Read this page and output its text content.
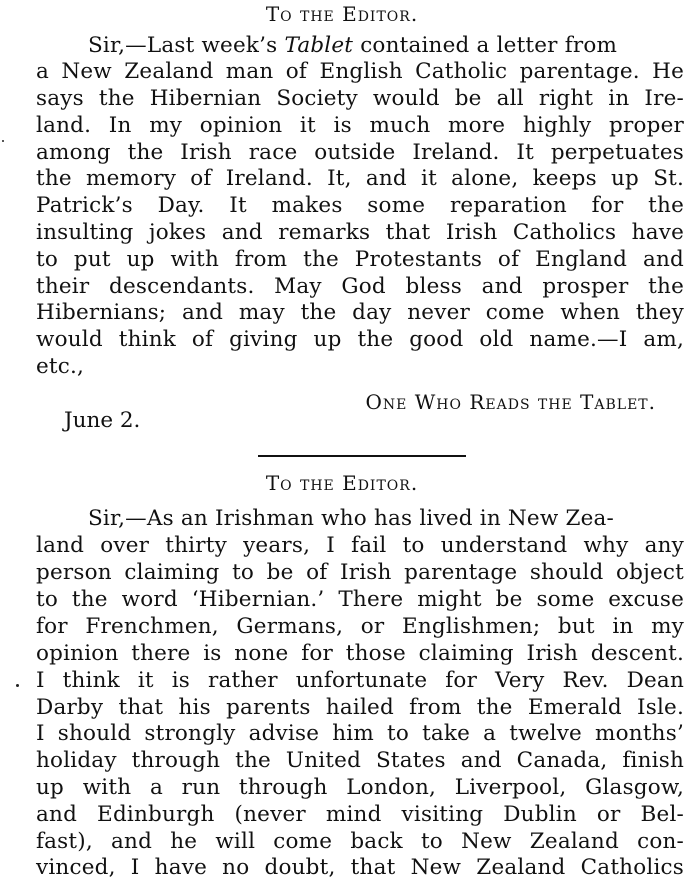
To the Editor.
Sir,—Last week’s Tablet contained a letter from
a New Zealand man of English Catholic parentage. He
says the Hibernian Society would be all right in Ire-
land. In my opinion it is much more highly proper
among the Irish race outside Ireland. It perpetuates
the memory of Ireland. It, and it alone, keeps up St.
Patrick’s Day. It makes some reparation for the
insulting jokes and remarks that Irish Catholics have
to put up with from the Protestants of England and
their descendants. May God bless and prosper the
Hibernians; and may the day never come when they
would think of giving up the good old name.—I am,
etc.,
One Who Reads the Tablet.
June 2.
To the Editor.
Sir,—As an Irishman who has lived in New Zea-
land over thirty years, I fail to understand why any
person claiming to be of Irish parentage should object
to the word ‘Hibernian.’ There might be some excuse
for Frenchmen, Germans, or Englishmen; but in my
opinion there is none for those claiming Irish descent.
I think it is rather unfortunate for Very Rev. Dean
Darby that his parents hailed from the Emerald Isle.
I should strongly advise him to take a twelve months’
holiday through the United States and Canada, finish
up with a run through London, Liverpool, Glasgow,
and Edinburgh (never mind visiting Dublin or Bel-
fast), and he will come back to New Zealand con-
vinced, I have no doubt, that New Zealand Catholics
